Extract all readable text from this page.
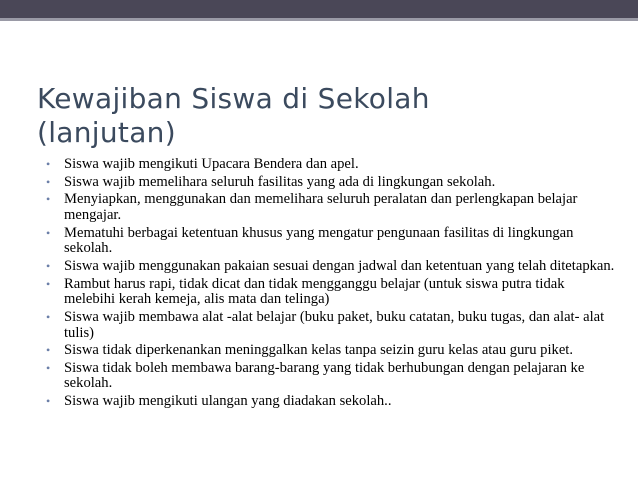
Kewajiban Siswa di Sekolah
(lanjutan)
• Siswa wajib mengikuti Upacara Bendera dan apel.
• Siswa wajib memelihara seluruh fasilitas yang ada di lingkungan sekolah.
• Menyiapkan, menggunakan dan memelihara seluruh peralatan dan perlengkapan belajar mengajar.
• Mematuhi berbagai ketentuan khusus yang mengatur pengunaan fasilitas di lingkungan sekolah.
• Siswa wajib menggunakan pakaian sesuai dengan jadwal dan ketentuan yang telah ditetapkan.
• Rambut harus rapi, tidak dicat dan tidak mengganggu belajar (untuk siswa putra tidak melebihi kerah kemeja, alis mata dan telinga)
• Siswa wajib membawa alat -alat belajar (buku paket, buku catatan, buku tugas, dan alat- alat tulis)
• Siswa tidak diperkenankan meninggalkan kelas tanpa seizin guru kelas atau guru piket.
• Siswa tidak boleh membawa barang-barang yang tidak berhubungan dengan pelajaran ke sekolah.
• Siswa wajib mengikuti ulangan yang diadakan sekolah..
